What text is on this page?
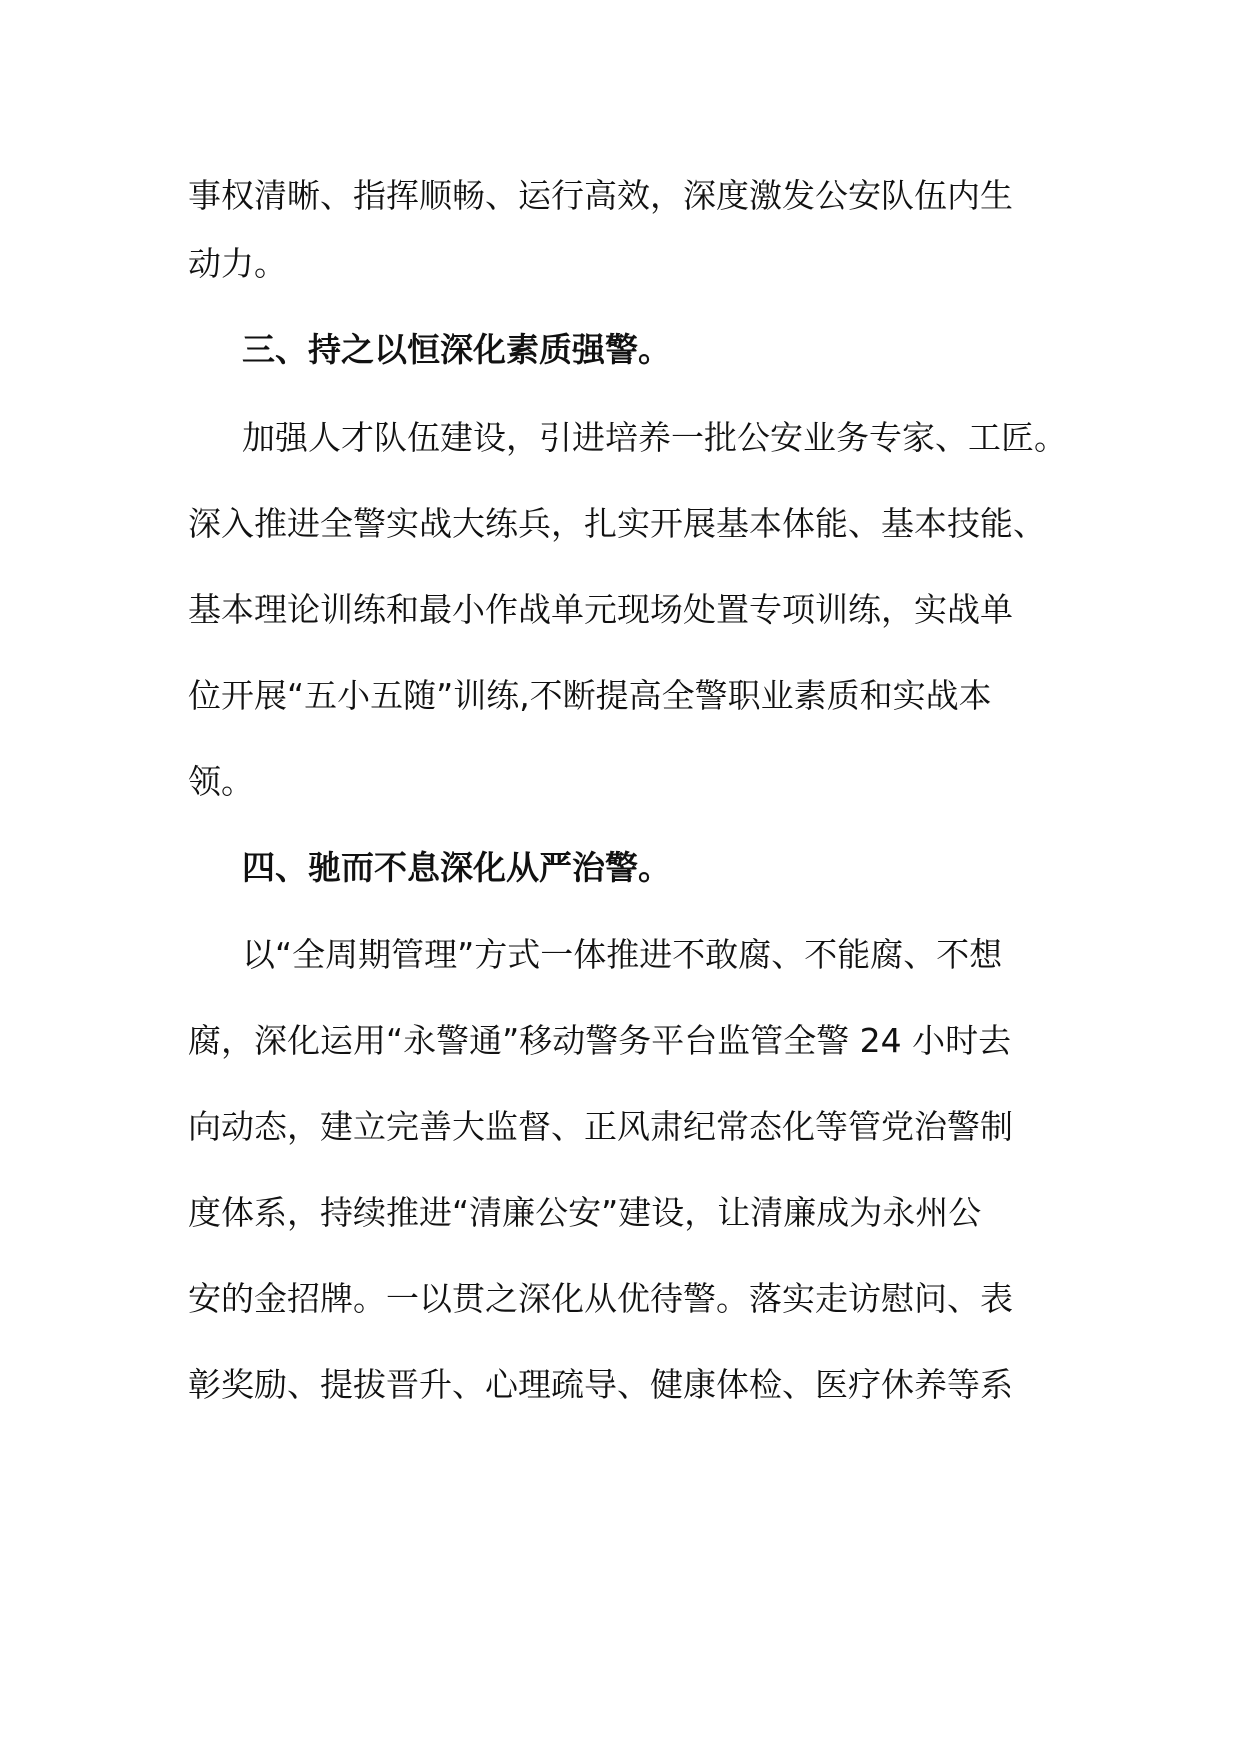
事权清晰、指挥顺畅、运行高效，深度激发公安队伍内生
动力。
三、持之以恒深化素质强警。
加强人才队伍建设，引进培养一批公安业务专家、工匠。
深入推进全警实战大练兵，扎实开展基本体能、基本技能、
基本理论训练和最小作战单元现场处置专项训练，实战单
位开展“五小五随”训练,不断提高全警职业素质和实战本
领。
四、驰而不息深化从严治警。
以“全周期管理”方式一体推进不敢腐、不能腐、不想
腐，深化运用“永警通”移动警务平台监管全警 24 小时去
向动态，建立完善大监督、正风肃纪常态化等管党治警制
度体系，持续推进“清廉公安”建设，让清廉成为永州公
安的金招牌。一以贯之深化从优待警。落实走访慰问、表
彰奖励、提拔晋升、心理疏导、健康体检、医疗休养等系
